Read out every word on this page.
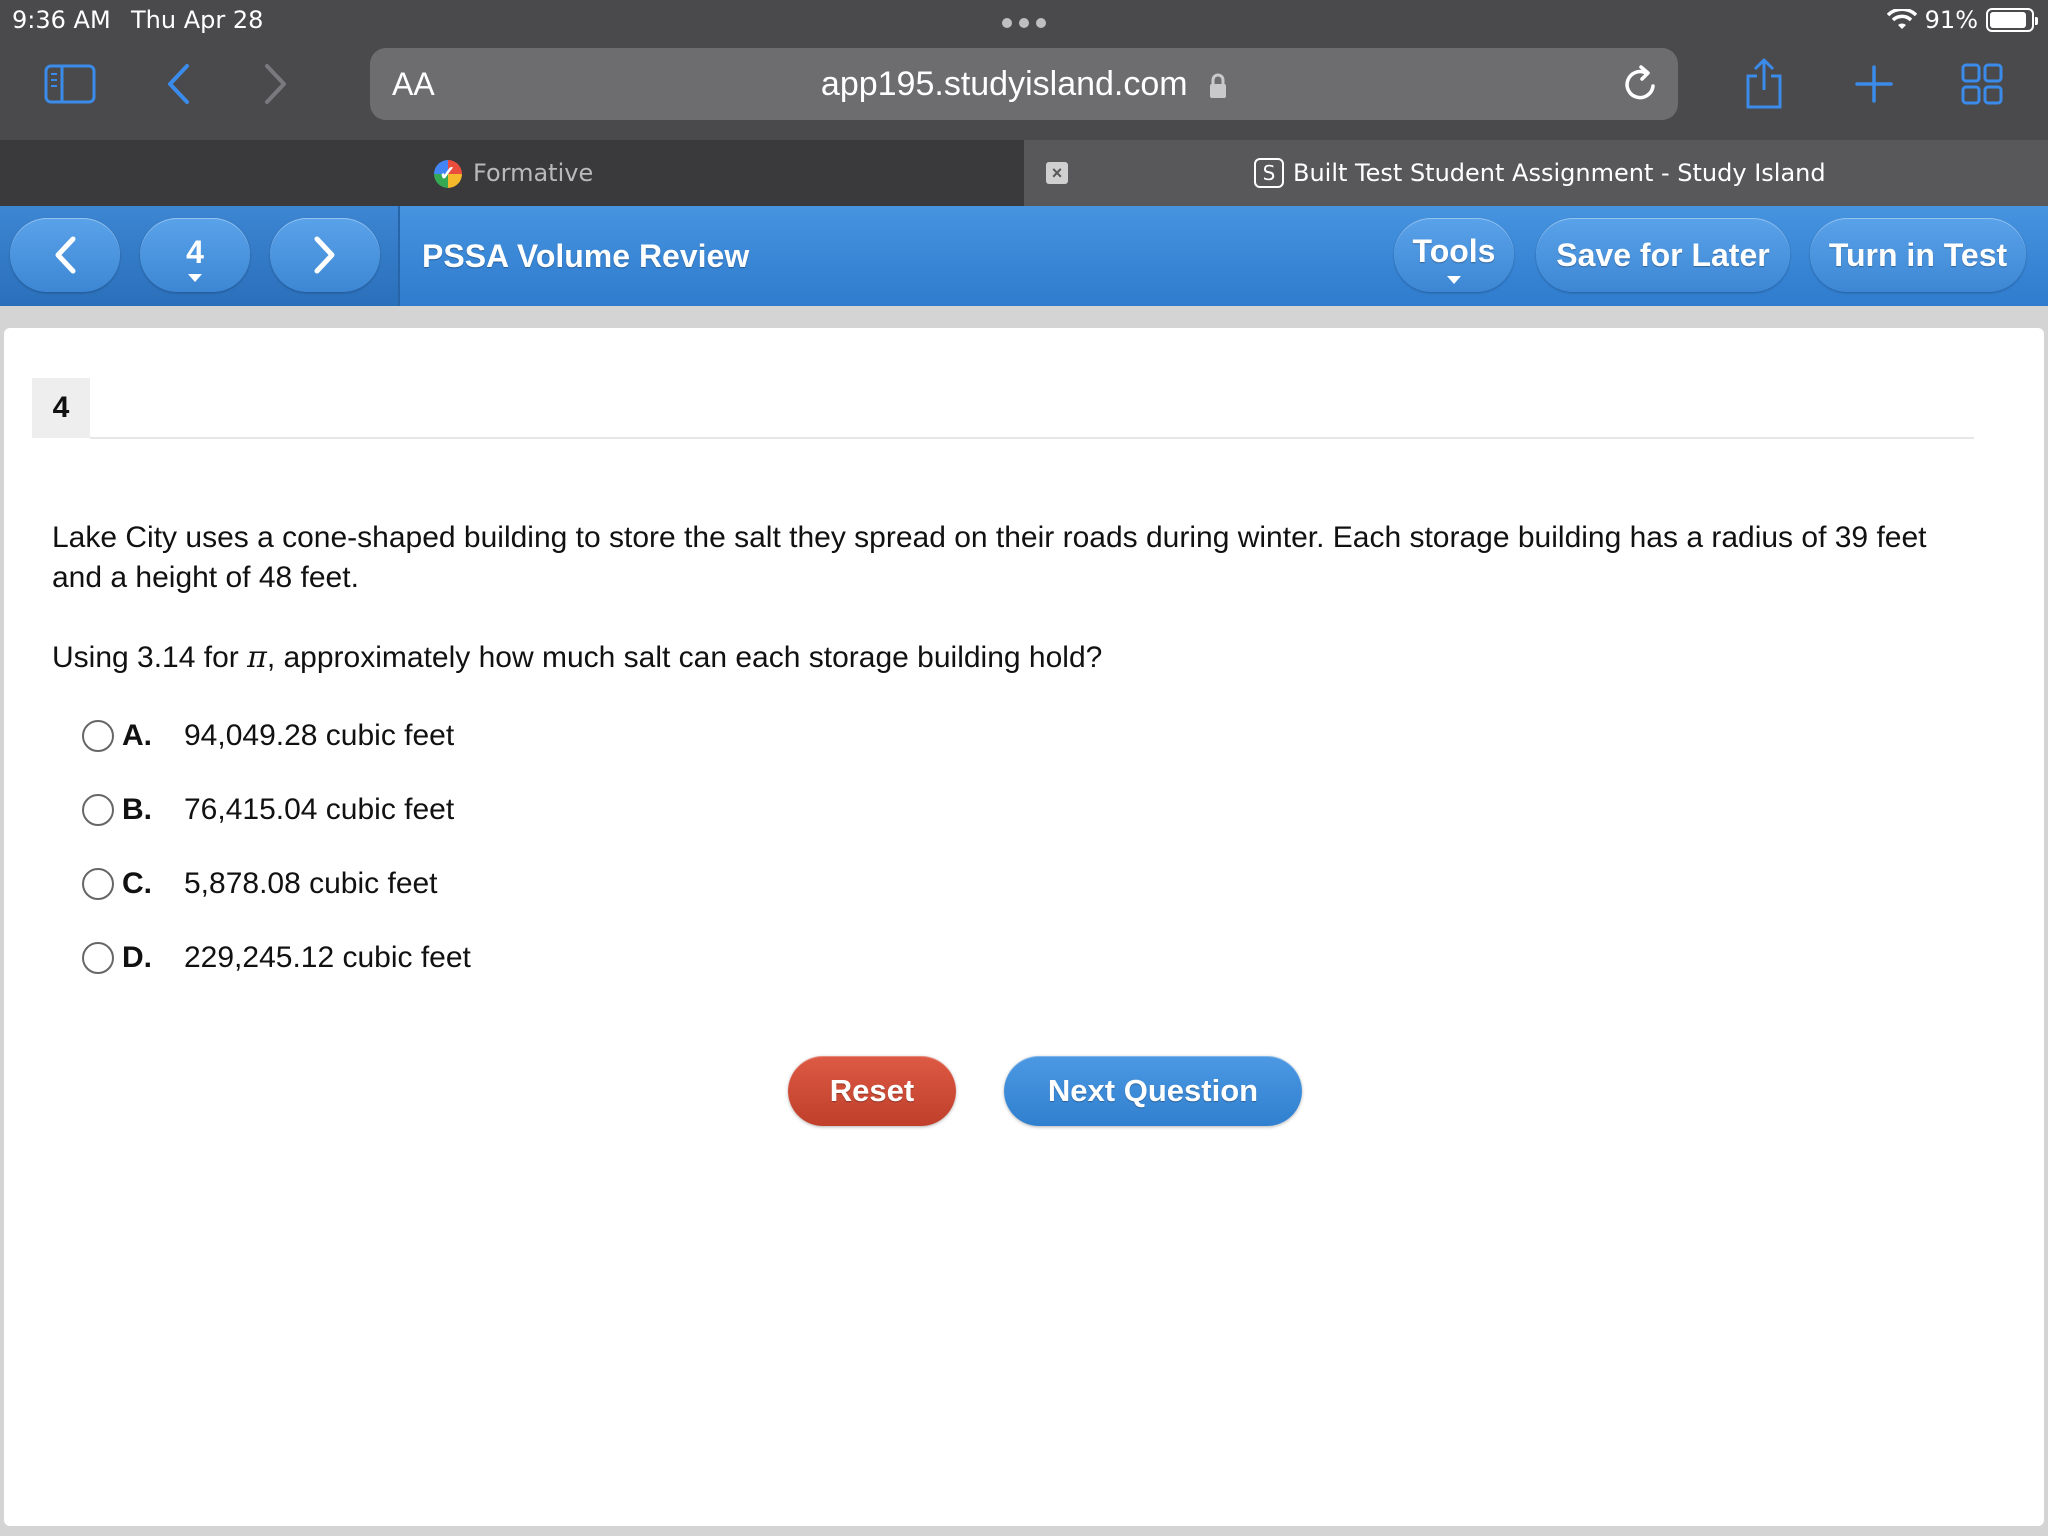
9:36 AM Thu Apr 28	91%
AA	app195.studyisland.com
✓
Formative	×	S Built Test Student Assignment - Study Island
4	PSSA Volume Review	Tools	Save for Later	Turn in Test
4

Lake City uses a cone-shaped building to store the salt they spread on their roads during winter. Each storage building has a radius of 39 feet and a height of 48 feet.

Using 3.14 for π, approximately how much salt can each storage building hold?

A.	94,049.28 cubic feet
B.	76,415.04 cubic feet
C.	5,878.08 cubic feet
D.	229,245.12 cubic feet
Reset	Next Question
